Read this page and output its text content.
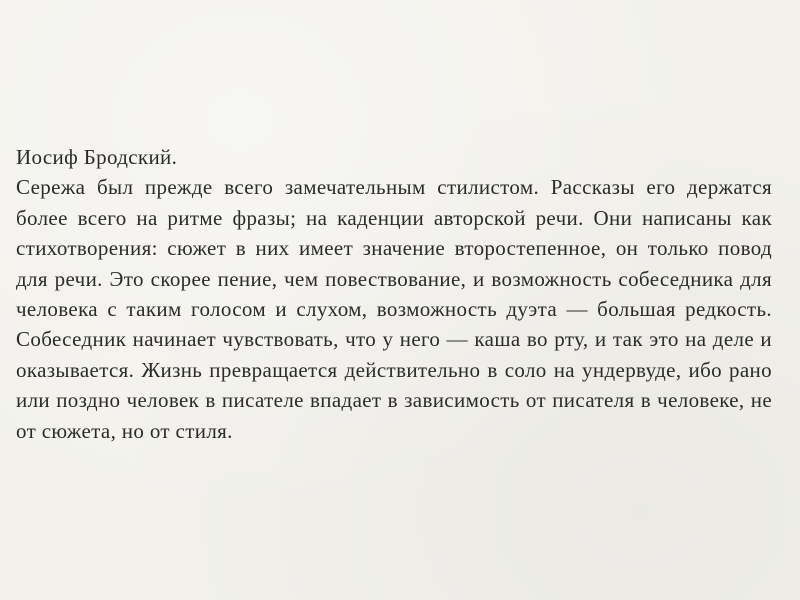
Иосиф Бродский.

Сережа был прежде всего замечательным стилистом. Рассказы его держатся более всего на ритме фразы; на каденции авторской речи. Они написаны как стихотворения: сюжет в них имеет значение второстепенное, он только повод для речи. Это скорее пение, чем повествование, и возможность собеседника для человека с таким голосом и слухом, возможность дуэта — большая редкость. Собеседник начинает чувствовать, что у него — каша во рту, и так это на деле и оказывается. Жизнь превращается действительно в соло на ундервуде, ибо рано или поздно человек в писателе впадает в зависимость от писателя в человеке, не от сюжета, но от стиля.
